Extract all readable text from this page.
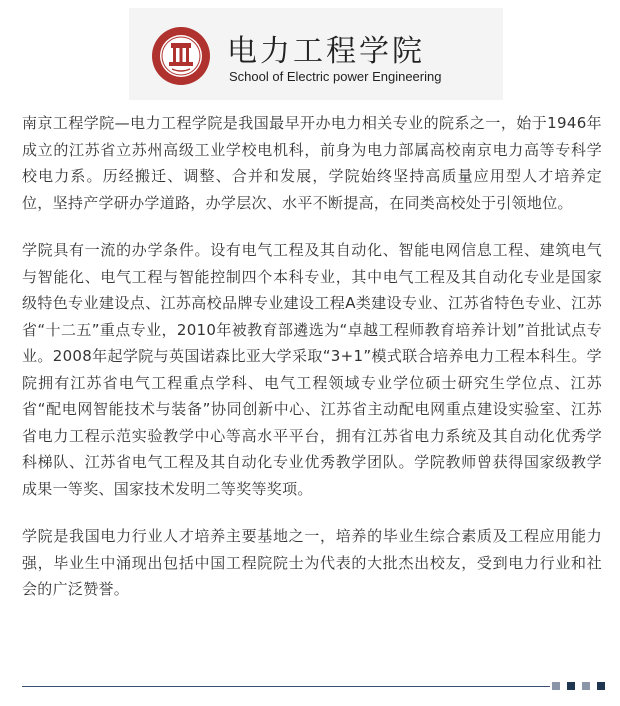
电力工程学院
School of Electric power Engineering

南京工程学院—电力工程学院是我国最早开办电力相关专业的院系之一，始于1946年成立的江苏省立苏州高级工业学校电机科，前身为电力部属高校南京电力高等专科学校电力系。历经搬迁、调整、合并和发展，学院始终坚持高质量应用型人才培养定位，坚持产学研办学道路，办学层次、水平不断提高，在同类高校处于引领地位。

学院具有一流的办学条件。设有电气工程及其自动化、智能电网信息工程、建筑电气与智能化、电气工程与智能控制四个本科专业，其中电气工程及其自动化专业是国家级特色专业建设点、江苏高校品牌专业建设工程A类建设专业、江苏省特色专业、江苏省“十二五”重点专业，2010年被教育部遴选为“卓越工程师教育培养计划”首批试点专业。2008年起学院与英国诺森比亚大学采取“3+1”模式联合培养电力工程本科生。学院拥有江苏省电气工程重点学科、电气工程领域专业学位硕士研究生学位点、江苏省“配电网智能技术与装备”协同创新中心、江苏省主动配电网重点建设实验室、江苏省电力工程示范实验教学中心等高水平平台，拥有江苏省电力系统及其自动化优秀学科梯队、江苏省电气工程及其自动化专业优秀教学团队。学院教师曾获得国家级教学成果一等奖、国家技术发明二等奖等奖项。

学院是我国电力行业人才培养主要基地之一，培养的毕业生综合素质及工程应用能力强，毕业生中涌现出包括中国工程院院士为代表的大批杰出校友，受到电力行业和社会的广泛赞誉。
